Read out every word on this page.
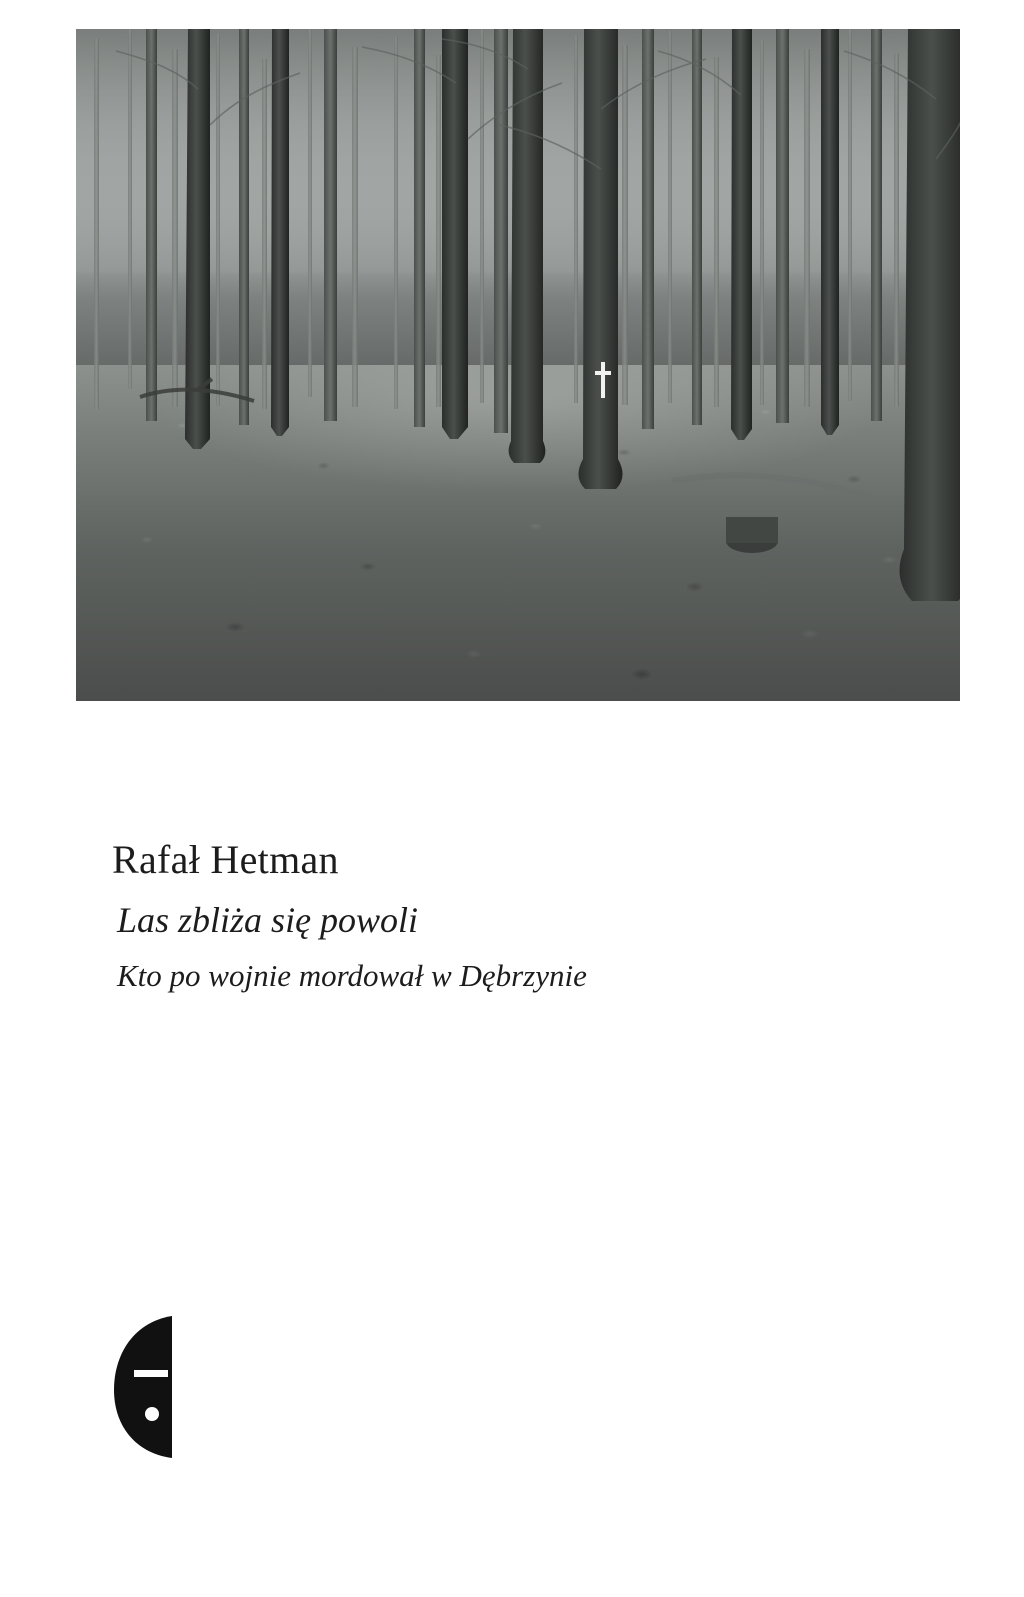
Rafał Hetman

Las zbliża się powoli

Kto po wojnie mordował w Dębrzynie
